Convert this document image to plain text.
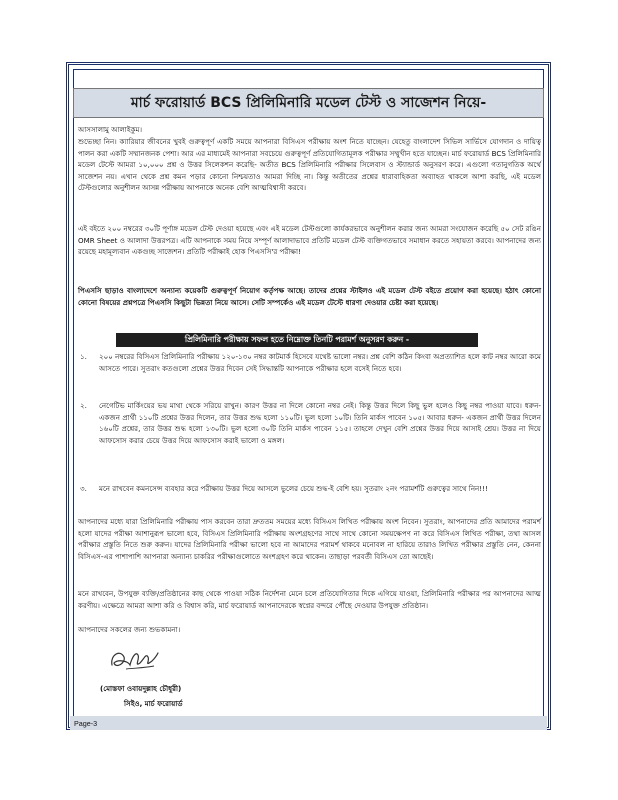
মার্চ ফরোয়ার্ড BCS প্রিলিমিনারি মডেল টেস্ট ও সাজেশন নিয়ে-
আসসালামু আলাইকুম।
শুভেচ্ছা নিন। ক্যারিয়ার জীবনের খুবই গুরুত্বপূর্ণ একটি সময়ে আপনারা বিসিএস পরীক্ষায় অংশ নিতে যাচ্ছেন। যেহেতু বাংলাদেশ সিভিল সার্ভিসে যোগদান ও দায়িত্ব পালন করা একটি সম্মানজনক পেশা। আর এর মাধ্যমেই আপনারা সবচেয়ে গুরুত্বপূর্ণ প্রতিযোগিতামূলক পরীক্ষার সম্মুখীন হতে যাচ্ছেন। মার্চ ফরোয়ার্ড BCS প্রিলিমিনারি মডেল টেস্টে আমরা ১০,০০০ প্রশ্ন ও উত্তর সিলেকশন করেছি- অতীত BCS প্রিলিমিনারি পরীক্ষার সিলেবাস ও স্ট্যান্ডার্ড অনুসরণ করে। এগুলো গতানুগতিক অর্থে সাজেশন নয়। এখান থেকে প্রশ্ন কমন পড়ার কোনো নিশ্চয়তাও আমরা দিচ্ছি না। কিন্তু অতীতের প্রশ্নের ধারাবাহিকতা অব্যাহত থাকলে আশা করছি, এই মডেল টেস্টগুলোর অনুশীলন আসন্ন পরীক্ষায় আপনাকে অনেক বেশি আত্মবিশ্বাসী করবে।
এই বইতে ২০০ নম্বরের ৩০টি পূর্ণাঙ্গ মডেল টেস্ট দেওয়া হয়েছে এবং এই মডেল টেস্টগুলো কার্যকরভাবে অনুশীলন করার জন্য আমরা সংযোজন করেছি ৫০ সেট রঙিন OMR Sheet ও আলাদা উত্তরপত্র। এটি আপনাকে সময় নিয়ে সম্পূর্ণ আলাদাভাবে প্রতিটি মডেল টেস্ট ব্যক্তিগতভাবে সমাধান করতে সহায়তা করবে। আপনাদের জন্য রয়েছে মহামূল্যবান একগুচ্ছ সাজেশন। প্রতিটি পরীক্ষাই হোক পিএসসি'র পরীক্ষা!
পিএসসি ছাড়াও বাংলাদেশে অন্যান্য কয়েকটি গুরুত্বপূর্ণ নিয়োগ কর্তৃপক্ষ আছে। তাদের প্রশ্নের স্টাইলও এই মডেল টেস্ট বইতে প্রয়োগ করা হয়েছে। হঠাৎ কোনো কোনো বিষয়ের প্রশ্নপত্রে পিএসসি কিছুটা ভিন্নতা নিয়ে আসে। সেটি সম্পর্কেও এই মডেল টেস্টে ধারণা দেওয়ার চেষ্টা করা হয়েছে।
প্রিলিমিনারি পরীক্ষায় সফল হতে নিম্নোক্ত তিনটি পরামর্শ অনুসরণ করুন -
১. ২০০ নম্বরের বিসিএস প্রিলিমিনারি পরীক্ষায় ১২০-১৩০ নম্বর কাটমার্ক হিসেবে যথেষ্ট ভালো নম্বর। প্রশ্ন বেশি কঠিন কিংবা অপ্রত্যাশিত হলে কাট নম্বর আরো কমে আসতে পারে। সুতরাং কতগুলো প্রশ্নের উত্তর দিবেন সেই সিদ্ধান্তটি আপনাকে পরীক্ষার হলে বসেই নিতে হবে।
২. নেগেটিভ মার্কিংয়ের ভয় মাথা থেকে সরিয়ে রাখুন। কারণ উত্তর না দিলে কোনো নম্বর নেই। কিন্তু উত্তর দিলে কিছু ভুল হলেও কিছু নম্বর পাওয়া যাবে। ধরুন- একজন প্রার্থী ১১০টি প্রশ্নের উত্তর দিলেন, তার উত্তর শুদ্ধ হলো ১১০টি। ভুল হলো ১০টি। তিনি মার্কস পাবেন ১০৫। আবার ধরুন- একজন প্রার্থী উত্তর দিলেন ১৬০টি প্রশ্নের, তার উত্তর শুদ্ধ হলো ১৩০টি। ভুল হলো ৩০টি তিনি মার্কস পাবেন ১১৫। তাহলে দেখুন বেশি প্রশ্নের উত্তর দিয়ে আসাই শ্রেয়। উত্তর না দিয়ে আফসোস করার চেয়ে উত্তর দিয়ে আফসোস করাই ভালো ও মঙ্গল।
৩. মনে রাখবেন কমনসেন্স ব্যবহার করে পরীক্ষায় উত্তর দিয়ে আসলে ভুলের চেয়ে শুদ্ধ-ই বেশি হয়। সুতরাং ২নং পরামর্শটি গুরুত্বের সাথে নিন!!!
আপনাদের মধ্যে যারা প্রিলিমিনারি পরীক্ষায় পাস করবেন তারা দ্রুততম সময়ের মধ্যে বিসিএস লিখিত পরীক্ষায় অংশ নিবেন। সুতরাং, আপনাদের প্রতি আমাদের পরামর্শ হলো যাদের পরীক্ষা আশানুরূপ ভালো হবে, বিসিএস প্রিলিমিনারি পরীক্ষায় অংশগ্রহণের সাথে সাথে কোনো সময়ক্ষেপণ না করে বিসিএস লিখিত পরীক্ষা, তথা আসল পরীক্ষার প্রস্তুতি নিতে শুরু করুন। যাদের প্রিলিমিনারি পরীক্ষা ভালো হবে না আমাদের পরামর্শ থাকবে মনোবল না হারিয়ে তারাও লিখিত পরীক্ষার প্রস্তুতি নেন, কেননা বিসিএস-এর পাশাপাশি আপনারা অন্যান্য চাকরির পরীক্ষাগুলোতে অংশগ্রহণ করে থাকেন। তাছাড়া পরবর্তী বিসিএস তো আছেই।
মনে রাখবেন, উপযুক্ত ব্যক্তি/প্রতিষ্ঠানের কাছ থেকে পাওয়া সঠিক নির্দেশনা মেনে চলে প্রতিযোগিতার দিকে এগিয়ে যাওয়া, প্রিলিমিনারি পরীক্ষার পর আপনাদের আত্ম করণীয়। এক্ষেত্রে আমরা আশা করি ও বিশ্বাস করি, মার্চ ফরোয়ার্ড আপনাদেরকে স্বপ্নের বন্দরে পৌঁছে দেওয়ার উপযুক্ত প্রতিষ্ঠান।
আপনাদের সকলের জন্য শুভকামনা।
(মোস্তফা ওবায়দুল্লাহ চৌধুরী)
সিইও, মার্চ ফরোয়ার্ড
Page-3
